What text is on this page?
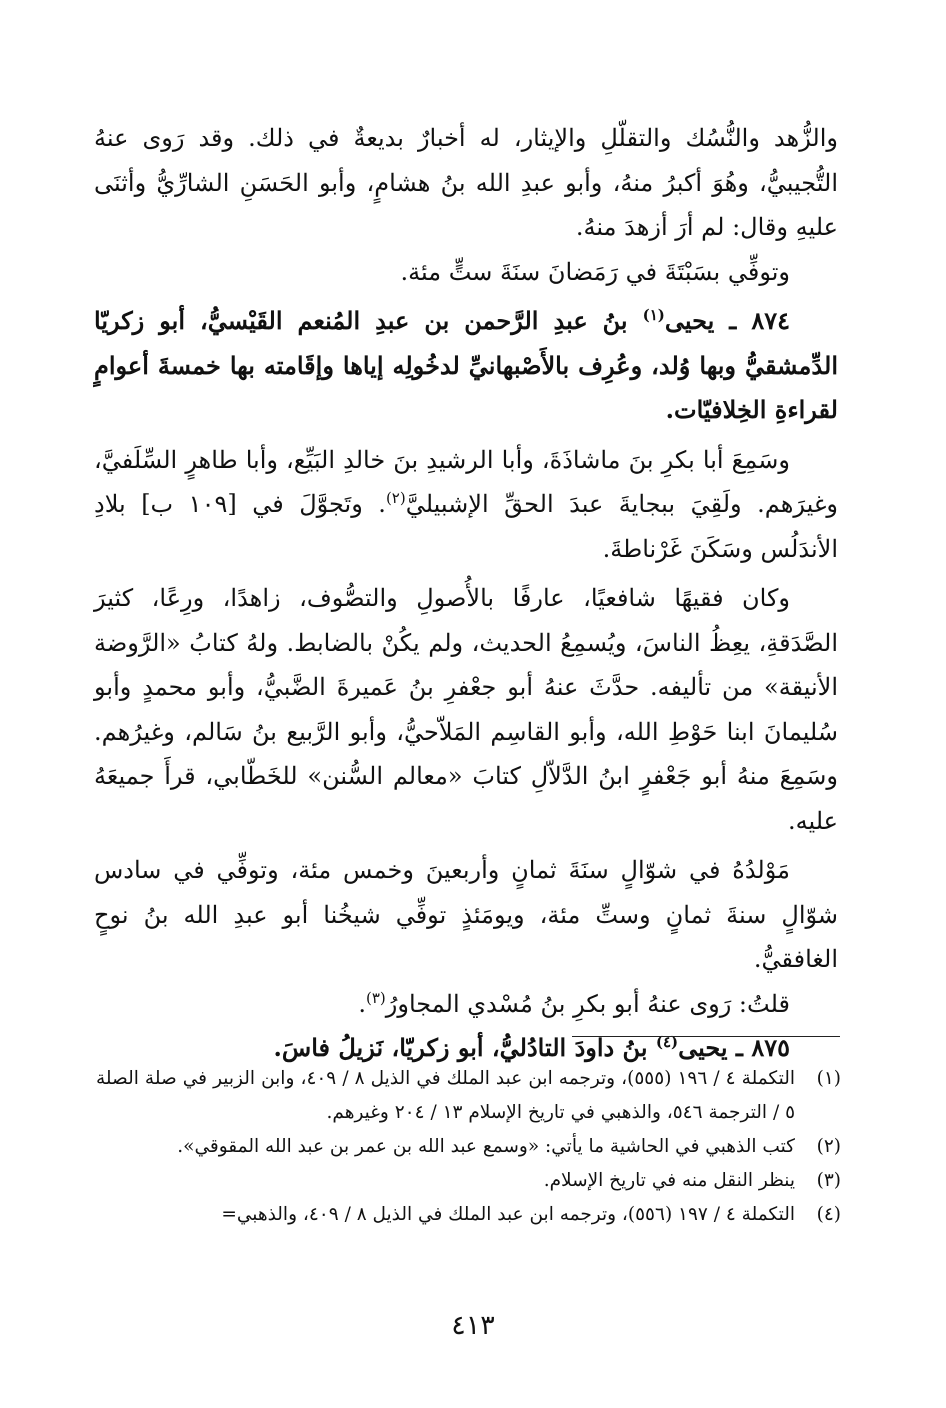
والزُّهد والنُّسُك والتقلّلِ والإيثار، له أخبارٌ بديعةٌ في ذلك. وقد رَوى عنهُ التُّجيبيُّ، وهُوَ أكبرُ منهُ، وأبو عبدِ الله بنُ هشامٍ، وأبو الحَسَنِ الشارِّيُّ وأثنَى عليهِ وقال: لم أرَ أزهدَ منهُ.

وتوفِّي بسَبْتَةَ في رَمَضانَ سنَةَ ستٍّ مئة.

٨٧٤ ـ يحيى$^{(١)}$ بنُ عبدِ الرَّحمن بن عبدِ المُنعم القَيْسيُّ، أبو زكريّا الدِّمشقيُّ وبها وُلد، وعُرِف بالأَصْبهانيِّ لدخُولِه إياها وإقَامته بها خمسةَ أعوامٍ لقراءةِ الخِلافيّات.

وسَمِعَ أبا بكرِ بنَ ماشاذَةَ، وأبا الرشيدِ بنَ خالدِ البَيِّع، وأبا طاهرٍ السِّلَفيَّ، وغيرَهم. ولَقِيَ ببجايةَ عبدَ الحقِّ الإشبيليَّ$^{(٢)}$. وتَجوَّلَ في [١٠٩ ب] بلادِ الأندَلُس وسَكَنَ غَرْناطةَ.

وكان فقيهًا شافعيًا، عارفًا بالأُصولِ والتصُّوف، زاهدًا، ورِعًا، كثيرَ الصَّدَقةِ، يعِظُ الناسَ، ويُسمِعُ الحديث، ولم يكُنْ بالضابط. ولهُ كتابُ «الرَّوضة الأنيقة» من تأليفه. حدَّثَ عنهُ أبو جعْفرِ بنُ عَميرةَ الضَّبيُّ، وأبو محمدٍ وأبو سُليمانَ ابنا حَوْطِ الله، وأبو القاسِم المَلاّحيُّ، وأبو الرَّبيع بنُ سَالم، وغيرُهم. وسَمِعَ منهُ أبو جَعْفرٍ ابنُ الدَّلاّلِ كتابَ «معالم السُّنن» للخَطّابي، قرأَ جميعَهُ عليه.

مَوْلدُهُ في شوّالٍ سنَةَ ثمانٍ وأربعينَ وخمس مئة، وتوفِّي في سادس شوّالٍ سنةَ ثمانٍ وستِّ مئة، ويومَئذٍ توفِّي شيخُنا أبو عبدِ الله بنُ نوحٍ الغافقيُّ.

قلتُ: رَوى عنهُ أبو بكرِ بنُ مُسْدي المجاورُ$^{(٣)}$.

٨٧٥ ـ يحيى$^{(٤)}$ بنُ داودَ التادُليُّ، أبو زكريّا، نَزيلُ فاسَ.

(١)
التكملة ٤ / ١٩٦ (٥٥٥)، وترجمه ابن عبد الملك في الذيل ٨ / ٤٠٩، وابن الزبير في صلة الصلة ٥ / الترجمة ٥٤٦، والذهبي في تاريخ الإسلام ١٣ / ٢٠٤ وغيرهم.

(٢)
كتب الذهبي في الحاشية ما يأتي: «وسمع عبد الله بن عمر بن عبد الله المقوقي».

(٣)
ينظر النقل منه في تاريخ الإسلام.

(٤)
التكملة ٤ / ١٩٧ (٥٥٦)، وترجمه ابن عبد الملك في الذيل ٨ / ٤٠٩، والذهبي=

٤١٣
